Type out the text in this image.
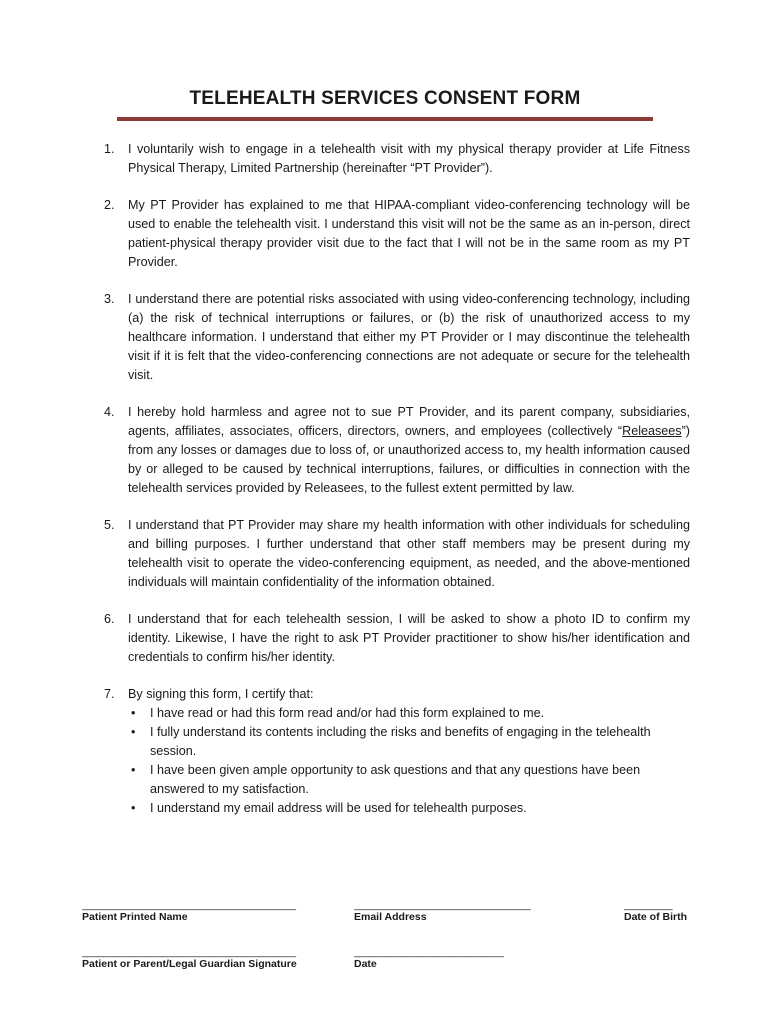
TELEHEALTH SERVICES CONSENT FORM
1. I voluntarily wish to engage in a telehealth visit with my physical therapy provider at Life Fitness Physical Therapy, Limited Partnership (hereinafter “PT Provider”).
2. My PT Provider has explained to me that HIPAA-compliant video-conferencing technology will be used to enable the telehealth visit. I understand this visit will not be the same as an in-person, direct patient-physical therapy provider visit due to the fact that I will not be in the same room as my PT Provider.
3. I understand there are potential risks associated with using video-conferencing technology, including (a) the risk of technical interruptions or failures, or (b) the risk of unauthorized access to my healthcare information. I understand that either my PT Provider or I may discontinue the telehealth visit if it is felt that the video-conferencing connections are not adequate or secure for the telehealth visit.
4. I hereby hold harmless and agree not to sue PT Provider, and its parent company, subsidiaries, agents, affiliates, associates, officers, directors, owners, and employees (collectively “Releasees”) from any losses or damages due to loss of, or unauthorized access to, my health information caused by or alleged to be caused by technical interruptions, failures, or difficulties in connection with the telehealth services provided by Releasees, to the fullest extent permitted by law.
5. I understand that PT Provider may share my health information with other individuals for scheduling and billing purposes. I further understand that other staff members may be present during my telehealth visit to operate the video-conferencing equipment, as needed, and the above-mentioned individuals will maintain confidentiality of the information obtained.
6. I understand that for each telehealth session, I will be asked to show a photo ID to confirm my identity. Likewise, I have the right to ask PT Provider practitioner to show his/her identification and credentials to confirm his/her identity.
7. By signing this form, I certify that:
• I have read or had this form read and/or had this form explained to me.
• I fully understand its contents including the risks and benefits of engaging in the telehealth session.
• I have been given ample opportunity to ask questions and that any questions have been answered to my satisfaction.
• I understand my email address will be used for telehealth purposes.
________________________________________
Patient Printed Name
_________________________________
Email Address
_________
Date of Birth
________________________________________
Patient or Parent/Legal Guardian Signature
____________________________
Date
